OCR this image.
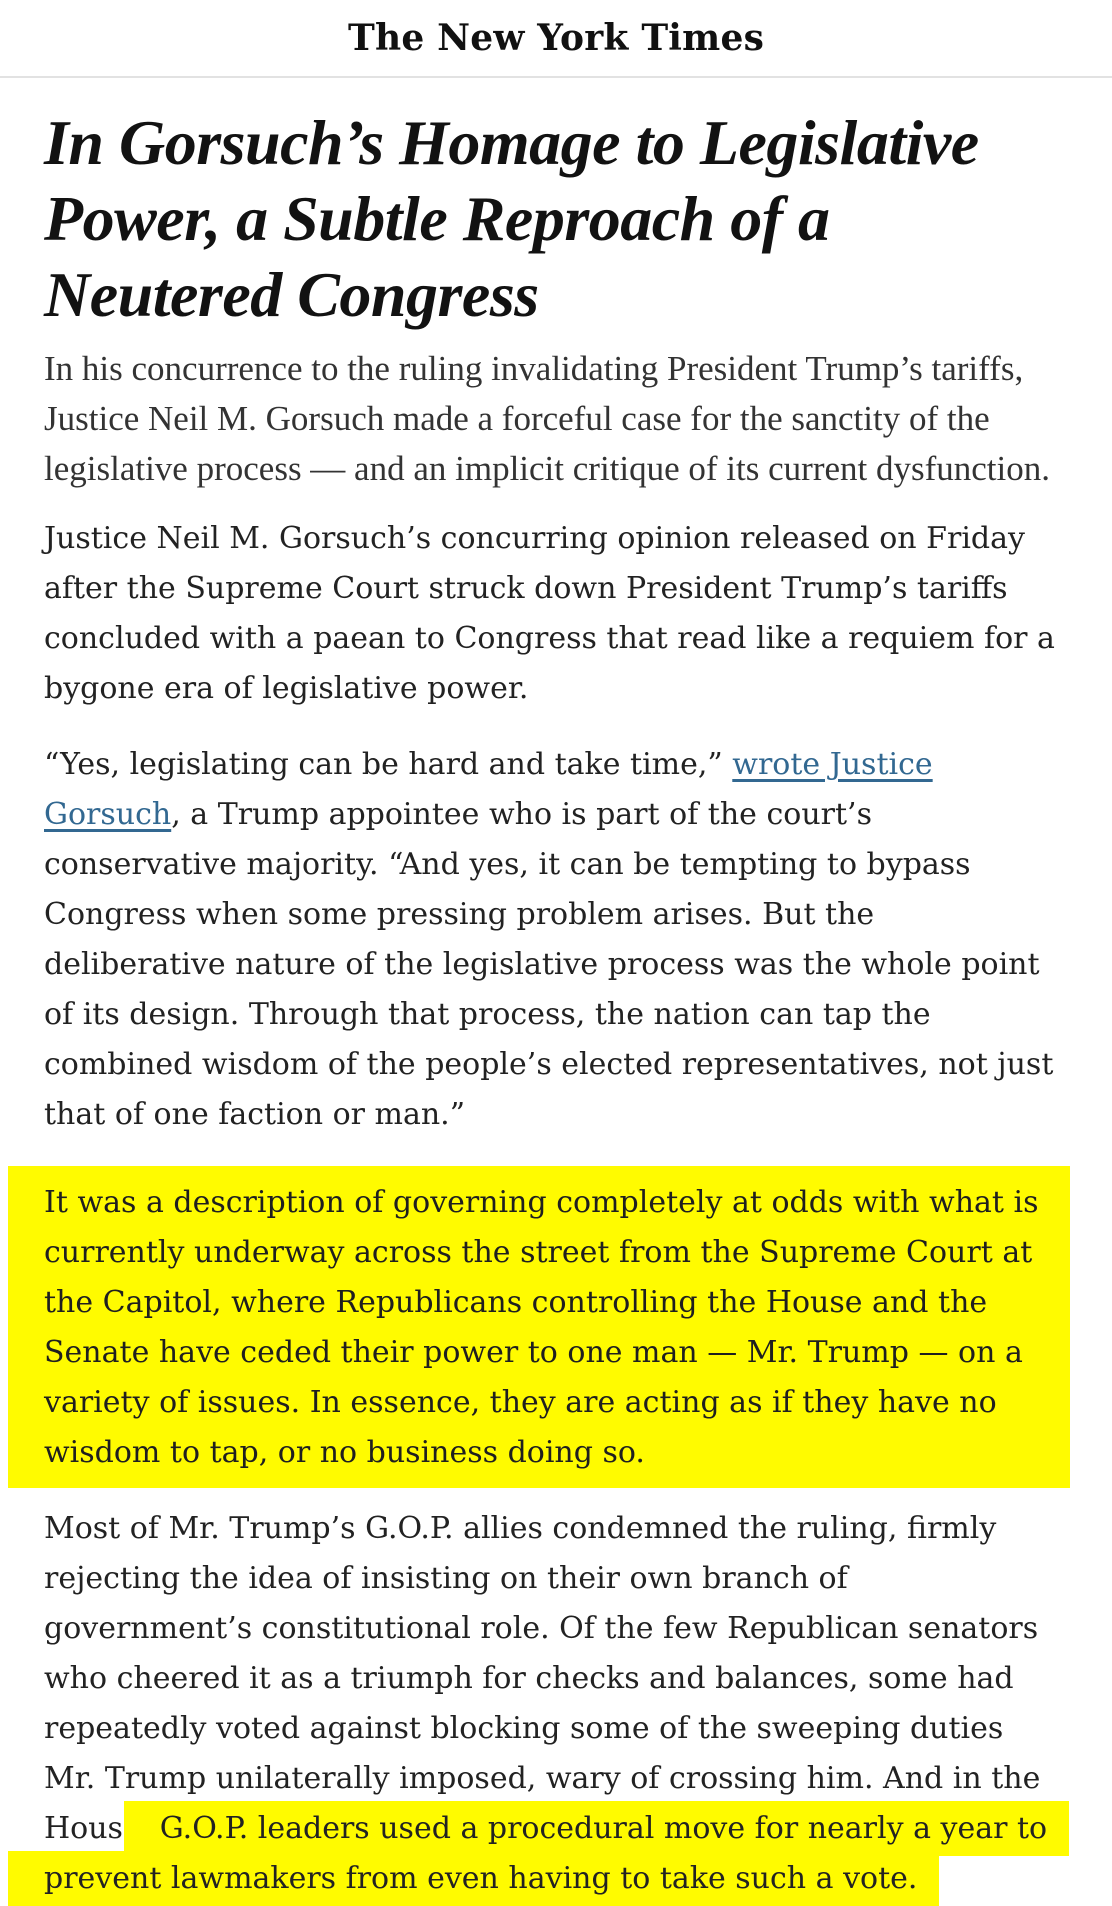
The New York Times
In Gorsuch’s Homage to Legislative Power, a Subtle Reproach of a Neutered Congress

In his concurrence to the ruling invalidating President Trump’s tariffs, Justice Neil M. Gorsuch made a forceful case for the sanctity of the legislative process — and an implicit critique of its current dysfunction.

Justice Neil M. Gorsuch’s concurring opinion released on Friday after the Supreme Court struck down President Trump’s tariffs concluded with a paean to Congress that read like a requiem for a bygone era of legislative power.

“Yes, legislating can be hard and take time,” wrote Justice Gorsuch, a Trump appointee who is part of the court’s conservative majority. “And yes, it can be tempting to bypass Congress when some pressing problem arises. But the deliberative nature of the legislative process was the whole point of its design. Through that process, the nation can tap the combined wisdom of the people’s elected representatives, not just that of one faction or man.”

It was a description of governing completely at odds with what is currently underway across the street from the Supreme Court at the Capitol, where Republicans controlling the House and the Senate have ceded their power to one man — Mr. Trump — on a variety of issues. In essence, they are acting as if they have no wisdom to tap, or no business doing so.

Most of Mr. Trump’s G.O.P. allies condemned the ruling, firmly rejecting the idea of insisting on their own branch of government’s constitutional role. Of the few Republican senators who cheered it as a triumph for checks and balances, some had repeatedly voted against blocking some of the sweeping duties Mr. Trump unilaterally imposed, wary of crossing him. And in the House, G.O.P. leaders used a procedural move for nearly a year to prevent lawmakers from even having to take such a vote.
